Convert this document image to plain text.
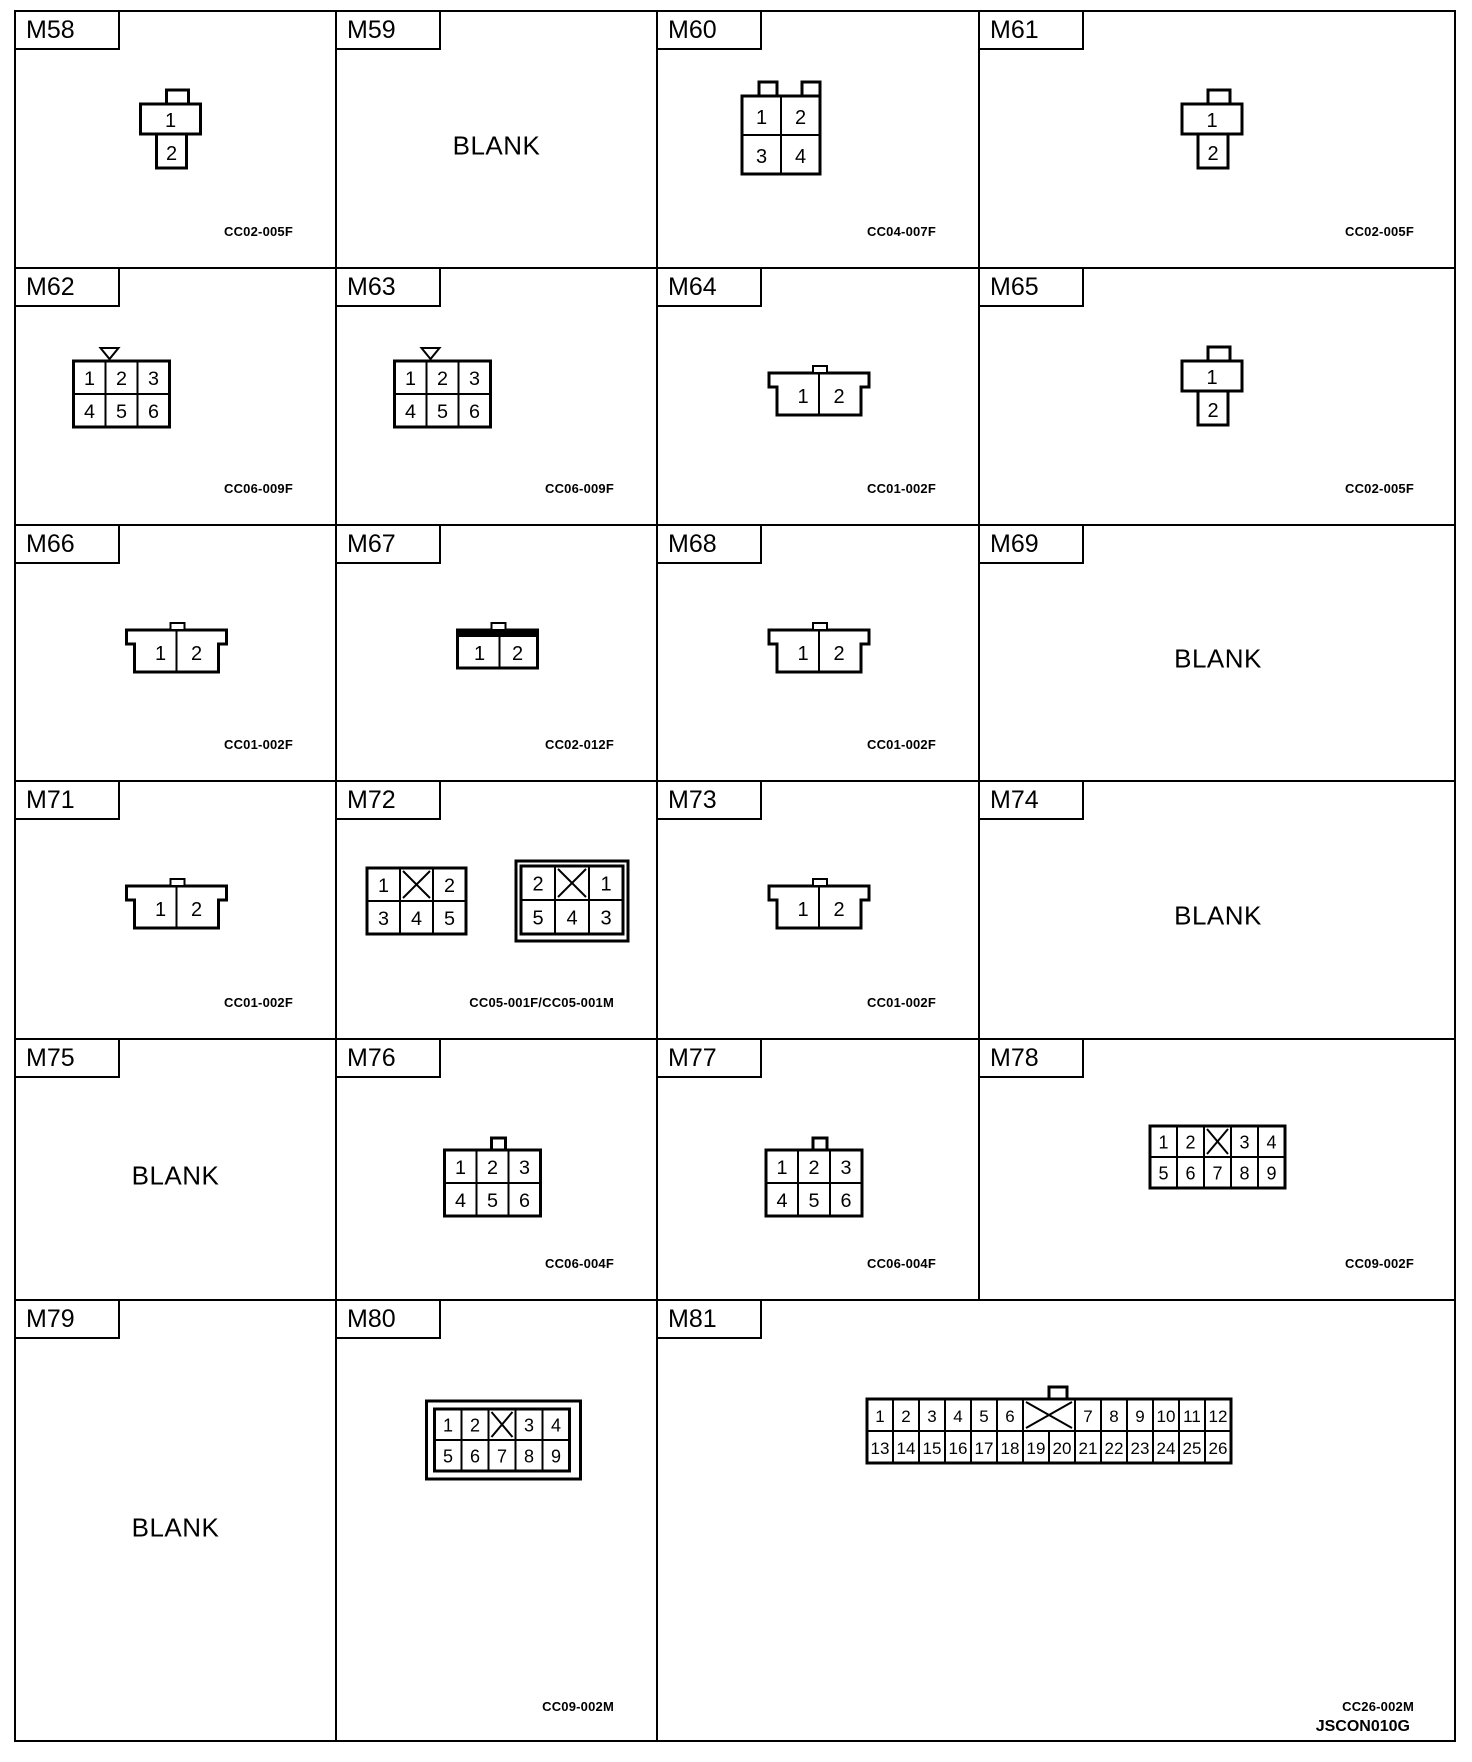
M58
CC02-005F
1
2
M59
BLANK
M60
CC04-007F
1 2
3 4
M61
CC02-005F
1
2
M62
CC06-009F
1 2 3
4 5 6
M63
CC06-009F
1 2 3
4 5 6
M64
CC01-002F
1 2
M65
CC02-005F
1
2
M66
CC01-002F
1 2
M67
CC02-012F
1 2
M68
CC01-002F
1 2
M69
BLANK
M71
CC01-002F
1 2
M72
CC05-001F/CC05-001M
1	2
3 4 5
2	1
5 4 3
M73
CC01-002F
1 2
M74
BLANK
M75
BLANK
M76
CC06-004F
1 2 3
4 5 6
M77
CC06-004F
1 2 3
4 5 6
M78
CC09-002F
1 2 3 4
5 6 7 8 9
M79
BLANK
M80
CC09-002M
1 2 3 4
5 6 7 8 9
M81
CC26-002M
1 2 3 4 5 6	7 8 9 10 11 12
13 14 15 16 17 18 19 20 21 22 23 24 25 26
JSCON010G
